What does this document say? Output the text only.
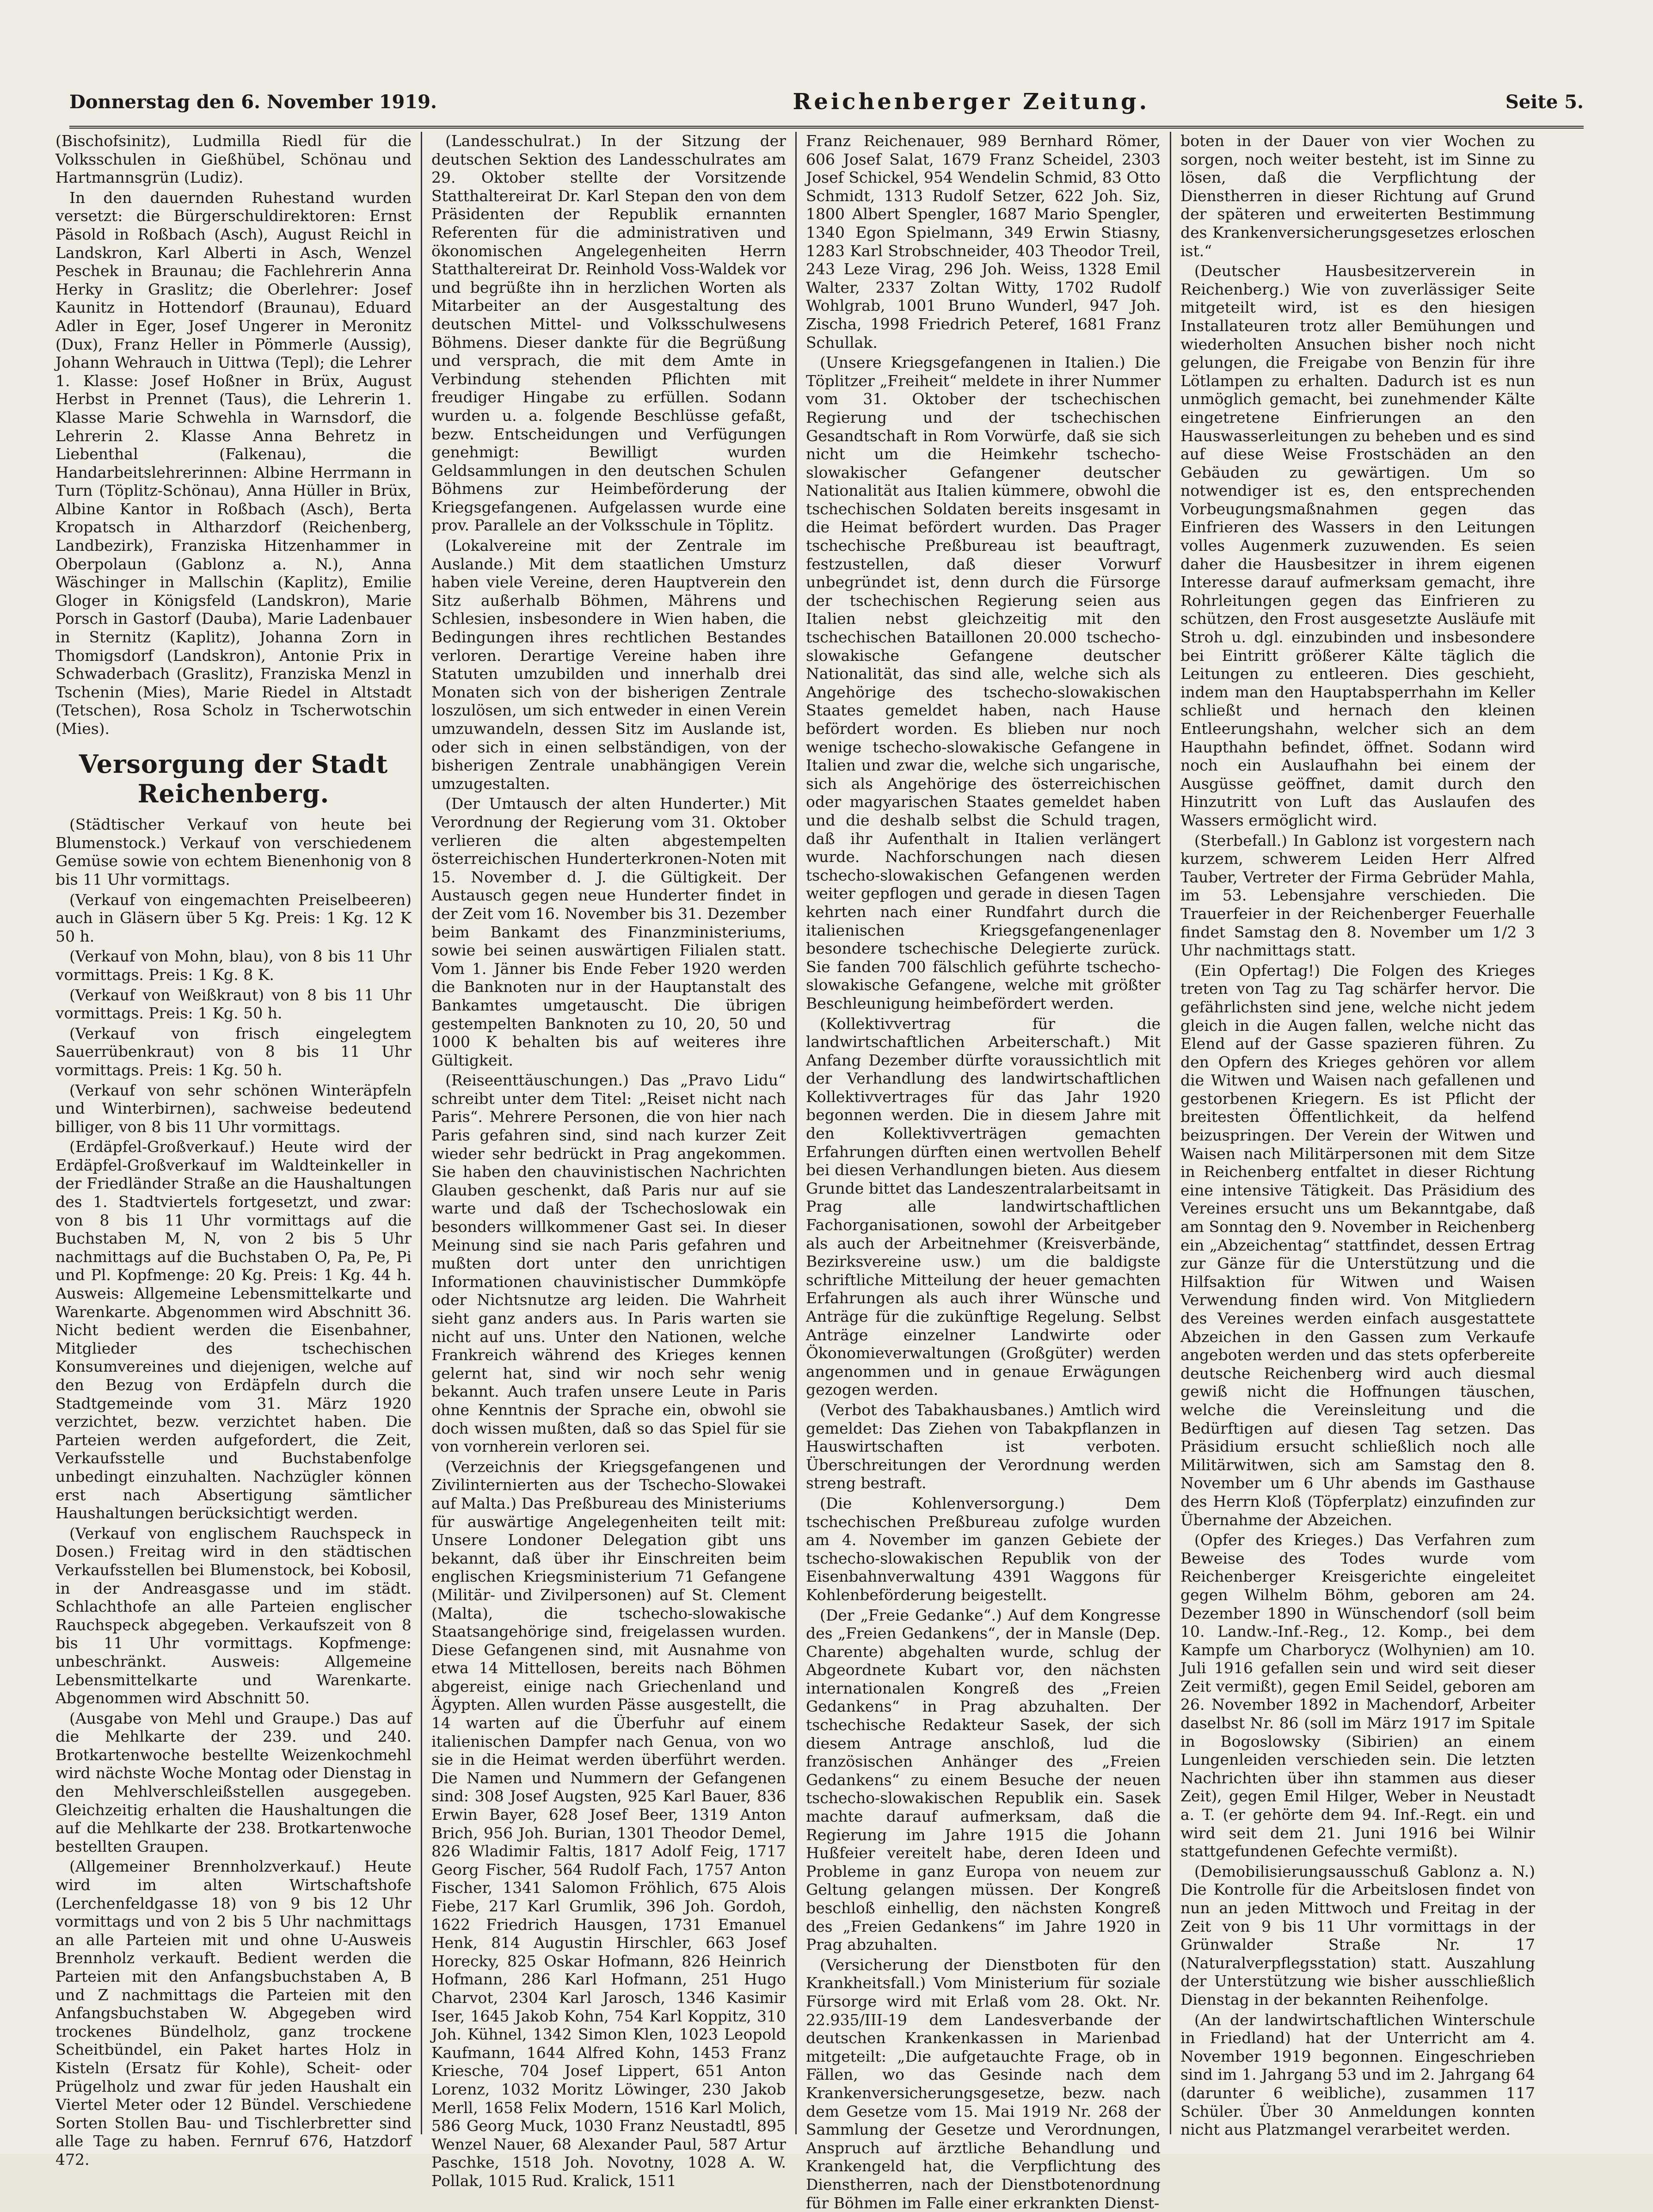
Donnerstag den 6. November 1919.	Reichenberger Zeitung.	Seite 5.

(Bischofsinitz), Ludmilla Riedl für die Volksschulen in Gießhübel, Schönau und Hartmannsgrün (Ludiz).

In den dauernden Ruhestand wurden versetzt: die Bürgerschuldirektoren: Ernst Päsold in Roßbach (Asch), August Reichl in Landskron, Karl Alberti in Asch, Wenzel Peschek in Braunau; die Fachlehrerin Anna Herky in Graslitz; die Oberlehrer: Josef Kaunitz in Hottendorf (Braunau), Eduard Adler in Eger, Josef Ungerer in Meronitz (Dux), Franz Heller in Pömmerle (Aussig), Johann Wehrauch in Uittwa (Tepl); die Lehrer 1. Klasse: Josef Hoßner in Brüx, August Herbst in Prennet (Taus), die Lehrerin 1. Klasse Marie Schwehla in Warnsdorf, die Lehrerin 2. Klasse Anna Behretz in Liebenthal (Falkenau), die Handarbeitslehrerinnen: Albine Herrmann in Turn (Töplitz-Schönau), Anna Hüller in Brüx, Albine Kantor in Roßbach (Asch), Berta Kropatsch in Altharzdorf (Reichenberg, Landbezirk), Franziska Hitzenhammer in Oberpolaun (Gablonz a. N.), Anna Wäschinger in Mallschin (Kaplitz), Emilie Gloger in Königsfeld (Landskron), Marie Porsch in Gastorf (Dauba), Marie Ladenbauer in Sternitz (Kaplitz), Johanna Zorn in Thomigsdorf (Landskron), Antonie Prix in Schwaderbach (Graslitz), Franziska Menzl in Tschenin (Mies), Marie Riedel in Altstadt (Tetschen), Rosa Scholz in Tscherwotschin (Mies).

Versorgung der Stadt Reichenberg.

(Städtischer Verkauf von heute bei Blumenstock.) Verkauf von verschiedenem Gemüse sowie von echtem Bienenhonig von 8 bis 11 Uhr vormittags.

(Verkauf von eingemachten Preiselbeeren) auch in Gläsern über 5 Kg. Preis: 1 Kg. 12 K 50 h.

(Verkauf von Mohn, blau), von 8 bis 11 Uhr vormittags. Preis: 1 Kg. 8 K.

(Verkauf von Weißkraut) von 8 bis 11 Uhr vormittags. Preis: 1 Kg. 50 h.

(Verkauf von frisch eingelegtem Sauerrübenkraut) von 8 bis 11 Uhr vormittags. Preis: 1 Kg. 50 h.

(Verkauf von sehr schönen Winteräpfeln und Winterbirnen), sachweise bedeutend billiger, von 8 bis 11 Uhr vormittags.

(Erdäpfel-Großverkauf.) Heute wird der Erdäpfel-Großverkauf im Waldteinkeller in der Friedländer Straße an die Haushaltungen des 1. Stadtviertels fortgesetzt, und zwar: von 8 bis 11 Uhr vormittags auf die Buchstaben M, N, von 2 bis 5 Uhr nachmittags auf die Buchstaben O, Pa, Pe, Pi und Pl. Kopfmenge: 20 Kg. Preis: 1 Kg. 44 h. Ausweis: Allgemeine Lebensmittelkarte und Warenkarte. Abgenommen wird Abschnitt 36. Nicht bedient werden die Eisenbahner, Mitglieder des tschechischen Konsumvereines und diejenigen, welche auf den Bezug von Erdäpfeln durch die Stadtgemeinde vom 31. März 1920 verzichtet, bezw. verzichtet haben. Die Parteien werden aufgefordert, die Zeit, Verkaufsstelle und Buchstabenfolge unbedingt einzuhalten. Nachzügler können erst nach Absertigung sämtlicher Haushaltungen berücksichtigt werden.

(Verkauf von englischem Rauchspeck in Dosen.) Freitag wird in den städtischen Verkaufsstellen bei Blumenstock, bei Kobosil, in der Andreasgasse und im städt. Schlachthofe an alle Parteien englischer Rauchspeck abgegeben. Verkaufszeit von 8 bis 11 Uhr vormittags. Kopfmenge: unbeschränkt. Ausweis: Allgemeine Lebensmittelkarte und Warenkarte. Abgenommen wird Abschnitt 50.

(Ausgabe von Mehl und Graupe.) Das auf die Mehlkarte der 239. und 240. Brotkartenwoche bestellte Weizenkochmehl wird nächste Woche Montag oder Dienstag in den Mehlverschleißstellen ausgegeben. Gleichzeitig erhalten die Haushaltungen die auf die Mehlkarte der 238. Brotkartenwoche bestellten Graupen.

(Allgemeiner Brennholzverkauf.) Heute wird im alten Wirtschaftshofe (Lerchenfeldgasse 18) von 9 bis 12 Uhr vormittags und von 2 bis 5 Uhr nachmittags an alle Parteien mit und ohne U-Ausweis Brennholz verkauft. Bedient werden die Parteien mit den Anfangsbuchstaben A, B und Z nachmittags die Parteien mit den Anfangsbuchstaben W. Abgegeben wird trockenes Bündelholz, ganz trockene Scheitbündel, ein Paket hartes Holz in Kisteln (Ersatz für Kohle), Scheit- oder Prügelholz und zwar für jeden Haushalt ein Viertel Meter oder 12 Bündel. Verschiedene Sorten Stollen Bau- und Tischlerbretter sind alle Tage zu haben. Fernruf 676, Hatzdorf 472.

(Landesschulrat.) In der Sitzung der deutschen Sektion des Landesschulrates am 29. Oktober stellte der Vorsitzende Statthaltereirat Dr. Karl Stepan den von dem Präsidenten der Republik ernannten Referenten für die administrativen und ökonomischen Angelegenheiten Herrn Statthaltereirat Dr. Reinhold Voss-Waldek vor und begrüßte ihn in herzlichen Worten als Mitarbeiter an der Ausgestaltung des deutschen Mittel- und Volksschulwesens Böhmens. Dieser dankte für die Begrüßung und versprach, die mit dem Amte in Verbindung stehenden Pflichten mit freudiger Hingabe zu erfüllen. Sodann wurden u. a. folgende Beschlüsse gefaßt, bezw. Entscheidungen und Verfügungen genehmigt: Bewilligt wurden Geldsammlungen in den deutschen Schulen Böhmens zur Heimbeförderung der Kriegsgefangenen. Aufgelassen wurde eine prov. Parallele an der Volksschule in Töplitz.

(Lokalvereine mit der Zentrale im Auslande.) Mit dem staatlichen Umsturz haben viele Vereine, deren Hauptverein den Sitz außerhalb Böhmen, Mährens und Schlesien, insbesondere in Wien haben, die Bedingungen ihres rechtlichen Bestandes verloren. Derartige Vereine haben ihre Statuten umzubilden und innerhalb drei Monaten sich von der bisherigen Zentrale loszulösen, um sich entweder in einen Verein umzuwandeln, dessen Sitz im Auslande ist, oder sich in einen selbständigen, von der bisherigen Zentrale unabhängigen Verein umzugestalten.

(Der Umtausch der alten Hunderter.) Mit Verordnung der Regierung vom 31. Oktober verlieren die alten abgestempelten österreichischen Hunderterkronen-Noten mit 15. November d. J. die Gültigkeit. Der Austausch gegen neue Hunderter findet in der Zeit vom 16. November bis 31. Dezember beim Bankamt des Finanzministeriums, sowie bei seinen auswärtigen Filialen statt. Vom 1. Jänner bis Ende Feber 1920 werden die Banknoten nur in der Hauptanstalt des Bankamtes umgetauscht. Die übrigen gestempelten Banknoten zu 10, 20, 50 und 1000 K behalten bis auf weiteres ihre Gültigkeit.

(Reiseenttäuschungen.) Das „Pravo Lidu“ schreibt unter dem Titel: „Reiset nicht nach Paris“. Mehrere Personen, die von hier nach Paris gefahren sind, sind nach kurzer Zeit wieder sehr bedrückt in Prag angekommen. Sie haben den chauvinistischen Nachrichten Glauben geschenkt, daß Paris nur auf sie warte und daß der Tschechoslowak ein besonders willkommener Gast sei. In dieser Meinung sind sie nach Paris gefahren und mußten dort unter den unrichtigen Informationen chauvinistischer Dummköpfe oder Nichtsnutze arg leiden. Die Wahrheit sieht ganz anders aus. In Paris warten sie nicht auf uns. Unter den Nationen, welche Frankreich während des Krieges kennen gelernt hat, sind wir noch sehr wenig bekannt. Auch trafen unsere Leute in Paris ohne Kenntnis der Sprache ein, obwohl sie doch wissen mußten, daß so das Spiel für sie von vornherein verloren sei.

(Verzeichnis der Kriegsgefangenen und Zivilinternierten aus der Tschecho-Slowakei auf Malta.) Das Preßbureau des Ministeriums für auswärtige Angelegenheiten teilt mit: Unsere Londoner Delegation gibt uns bekannt, daß über ihr Einschreiten beim englischen Kriegsministerium 71 Gefangene (Militär- und Zivilpersonen) auf St. Clement (Malta), die tschecho-slowakische Staatsangehörige sind, freigelassen wurden. Diese Gefangenen sind, mit Ausnahme von etwa 14 Mittellosen, bereits nach Böhmen abgereist, einige nach Griechenland und Ägypten. Allen wurden Pässe ausgestellt, die 14 warten auf die Überfuhr auf einem italienischen Dampfer nach Genua, von wo sie in die Heimat werden überführt werden. Die Namen und Nummern der Gefangenen sind: 308 Josef Augsten, 925 Karl Bauer, 836 Erwin Bayer, 628 Josef Beer, 1319 Anton Brich, 956 Joh. Burian, 1301 Theodor Demel, 826 Wladimir Faltis, 1817 Adolf Feig, 1717 Georg Fischer, 564 Rudolf Fach, 1757 Anton Fischer, 1341 Salomon Fröhlich, 675 Alois Fiebe, 217 Karl Grumlik, 396 Joh. Gordoh, 1622 Friedrich Hausgen, 1731 Emanuel Henk, 814 Augustin Hirschler, 663 Josef Horecky, 825 Oskar Hofmann, 826 Heinrich Hofmann, 286 Karl Hofmann, 251 Hugo Charvot, 2304 Karl Jarosch, 1346 Kasimir Iser, 1645 Jakob Kohn, 754 Karl Koppitz, 310 Joh. Kühnel, 1342 Simon Klen, 1023 Leopold Kaufmann, 1644 Alfred Kohn, 1453 Franz Kriesche, 704 Josef Lippert, 651 Anton Lorenz, 1032 Moritz Löwinger, 230 Jakob Merll, 1658 Felix Modern, 1516 Karl Molich, 586 Georg Muck, 1030 Franz Neustadtl, 895 Wenzel Nauer, 68 Alexander Paul, 587 Artur Paschke, 1518 Joh. Novotny, 1028 A. W. Pollak, 1015 Rud. Kralick, 1511

Franz Reichenauer, 989 Bernhard Römer, 606 Josef Salat, 1679 Franz Scheidel, 2303 Josef Schickel, 954 Wendelin Schmid, 83 Otto Schmidt, 1313 Rudolf Setzer, 622 Joh. Siz, 1800 Albert Spengler, 1687 Mario Spengler, 1340 Egon Spielmann, 349 Erwin Stiasny, 1283 Karl Strobschneider, 403 Theodor Treil, 243 Leze Virag, 296 Joh. Weiss, 1328 Emil Walter, 2337 Zoltan Witty, 1702 Rudolf Wohlgrab, 1001 Bruno Wunderl, 947 Joh. Zischa, 1998 Friedrich Peteref, 1681 Franz Schullak.

(Unsere Kriegsgefangenen in Italien.) Die Töplitzer „Freiheit“ meldete in ihrer Nummer vom 31. Oktober der tschechischen Regierung und der tschechischen Gesandtschaft in Rom Vorwürfe, daß sie sich nicht um die Heimkehr tschecho-slowakischer Gefangener deutscher Nationalität aus Italien kümmere, obwohl die tschechischen Soldaten bereits insgesamt in die Heimat befördert wurden. Das Prager tschechische Preßbureau ist beauftragt, festzustellen, daß dieser Vorwurf unbegründet ist, denn durch die Fürsorge der tschechischen Regierung seien aus Italien nebst gleichzeitig mit den tschechischen Bataillonen 20.000 tschecho-slowakische Gefangene deutscher Nationalität, das sind alle, welche sich als Angehörige des tschecho-slowakischen Staates gemeldet haben, nach Hause befördert worden. Es blieben nur noch wenige tschecho-slowakische Gefangene in Italien und zwar die, welche sich ungarische, sich als Angehörige des österreichischen oder magyarischen Staates gemeldet haben und die deshalb selbst die Schuld tragen, daß ihr Aufenthalt in Italien verlängert wurde. Nachforschungen nach diesen tschecho-slowakischen Gefangenen werden weiter gepflogen und gerade in diesen Tagen kehrten nach einer Rundfahrt durch die italienischen Kriegsgefangenenlager besondere tschechische Delegierte zurück. Sie fanden 700 fälschlich geführte tschecho-slowakische Gefangene, welche mit größter Beschleunigung heimbefördert werden.

(Kollektivvertrag für die landwirtschaftlichen Arbeiterschaft.) Mit Anfang Dezember dürfte voraussichtlich mit der Verhandlung des landwirtschaftlichen Kollektivvertrages für das Jahr 1920 begonnen werden. Die in diesem Jahre mit den Kollektivverträgen gemachten Erfahrungen dürften einen wertvollen Behelf bei diesen Verhandlungen bieten. Aus diesem Grunde bittet das Landeszentralarbeitsamt in Prag alle landwirtschaftlichen Fachorganisationen, sowohl der Arbeitgeber als auch der Arbeitnehmer (Kreisverbände, Bezirksvereine usw.) um die baldigste schriftliche Mitteilung der heuer gemachten Erfahrungen als auch ihrer Wünsche und Anträge für die zukünftige Regelung. Selbst Anträge einzelner Landwirte oder Ökonomieverwaltungen (Großgüter) werden angenommen und in genaue Erwägungen gezogen werden.

(Verbot des Tabakhausbanes.) Amtlich wird gemeldet: Das Ziehen von Tabakpflanzen in Hauswirtschaften ist verboten. Überschreitungen der Verordnung werden streng bestraft.

(Die Kohlenversorgung.) Dem tschechischen Preßbureau zufolge wurden am 4. November im ganzen Gebiete der tschecho-slowakischen Republik von der Eisenbahnverwaltung 4391 Waggons für Kohlenbeförderung beigestellt.

(Der „Freie Gedanke“.) Auf dem Kongresse des „Freien Gedankens“, der in Mansle (Dep. Charente) abgehalten wurde, schlug der Abgeordnete Kubart vor, den nächsten internationalen Kongreß des „Freien Gedankens“ in Prag abzuhalten. Der tschechische Redakteur Sasek, der sich diesem Antrage anschloß, lud die französischen Anhänger des „Freien Gedankens“ zu einem Besuche der neuen tschecho-slowakischen Republik ein. Sasek machte darauf aufmerksam, daß die Regierung im Jahre 1915 die Johann Hußfeier vereitelt habe, deren Ideen und Probleme in ganz Europa von neuem zur Geltung gelangen müssen. Der Kongreß beschloß einhellig, den nächsten Kongreß des „Freien Gedankens“ im Jahre 1920 in Prag abzuhalten.

(Versicherung der Dienstboten für den Krankheitsfall.) Vom Ministerium für soziale Fürsorge wird mit Erlaß vom 28. Okt. Nr. 22.935/III-19 dem Landesverbande der deutschen Krankenkassen in Marienbad mitgeteilt: „Die aufgetauchte Frage, ob in Fällen, wo das Gesinde nach dem Krankenversicherungsgesetze, bezw. nach dem Gesetze vom 15. Mai 1919 Nr. 268 der Sammlung der Gesetze und Verordnungen, Anspruch auf ärztliche Behandlung und Krankengeld hat, die Verpflichtung des Dienstherren, nach der Dienstbotenordnung für Böhmen im Falle einer erkrankten Dienst-

boten in der Dauer von vier Wochen zu sorgen, noch weiter besteht, ist im Sinne zu lösen, daß die Verpflichtung der Dienstherren in dieser Richtung auf Grund der späteren und erweiterten Bestimmung des Krankenversicherungsgesetzes erloschen ist.“

(Deutscher Hausbesitzerverein in Reichenberg.) Wie von zuverlässiger Seite mitgeteilt wird, ist es den hiesigen Installateuren trotz aller Bemühungen und wiederholten Ansuchen bisher noch nicht gelungen, die Freigabe von Benzin für ihre Lötlampen zu erhalten. Dadurch ist es nun unmöglich gemacht, bei zunehmender Kälte eingetretene Einfrierungen an den Hauswasserleitungen zu beheben und es sind auf diese Weise Frostschäden an den Gebäuden zu gewärtigen. Um so notwendiger ist es, den entsprechenden Vorbeugungsmaßnahmen gegen das Einfrieren des Wassers in den Leitungen volles Augenmerk zuzuwenden. Es seien daher die Hausbesitzer in ihrem eigenen Interesse darauf aufmerksam gemacht, ihre Rohrleitungen gegen das Einfrieren zu schützen, den Frost ausgesetzte Ausläufe mit Stroh u. dgl. einzubinden und insbesondere bei Eintritt größerer Kälte täglich die Leitungen zu entleeren. Dies geschieht, indem man den Hauptabsperrhahn im Keller schließt und hernach den kleinen Entleerungshahn, welcher sich an dem Haupthahn befindet, öffnet. Sodann wird noch ein Auslaufhahn bei einem der Ausgüsse geöffnet, damit durch den Hinzutritt von Luft das Auslaufen des Wassers ermöglicht wird.

(Sterbefall.) In Gablonz ist vorgestern nach kurzem, schwerem Leiden Herr Alfred Tauber, Vertreter der Firma Gebrüder Mahla, im 53. Lebensjahre verschieden. Die Trauerfeier in der Reichenberger Feuerhalle findet Samstag den 8. November um 1/2 3 Uhr nachmittags statt.

(Ein Opfertag!) Die Folgen des Krieges treten von Tag zu Tag schärfer hervor. Die gefährlichsten sind jene, welche nicht jedem gleich in die Augen fallen, welche nicht das Elend auf der Gasse spazieren führen. Zu den Opfern des Krieges gehören vor allem die Witwen und Waisen nach gefallenen und gestorbenen Kriegern. Es ist Pflicht der breitesten Öffentlichkeit, da helfend beizuspringen. Der Verein der Witwen und Waisen nach Militärpersonen mit dem Sitze in Reichenberg entfaltet in dieser Richtung eine intensive Tätigkeit. Das Präsidium des Vereines ersucht uns um Bekanntgabe, daß am Sonntag den 9. November in Reichenberg ein „Abzeichentag“ stattfindet, dessen Ertrag zur Gänze für die Unterstützung und die Hilfsaktion für Witwen und Waisen Verwendung finden wird. Von Mitgliedern des Vereines werden einfach ausgestattete Abzeichen in den Gassen zum Verkaufe angeboten werden und das stets opferbereite deutsche Reichenberg wird auch diesmal gewiß nicht die Hoffnungen täuschen, welche die Vereinsleitung und die Bedürftigen auf diesen Tag setzen. Das Präsidium ersucht schließlich noch alle Militärwitwen, sich am Samstag den 8. November um 6 Uhr abends im Gasthause des Herrn Kloß (Töpferplatz) einzufinden zur Übernahme der Abzeichen.

(Opfer des Krieges.) Das Verfahren zum Beweise des Todes wurde vom Reichenberger Kreisgerichte eingeleitet gegen Wilhelm Böhm, geboren am 24. Dezember 1890 in Wünschendorf (soll beim 10. Landw.-Inf.-Reg., 12. Komp., bei dem Kampfe um Charborycz (Wolhynien) am 10. Juli 1916 gefallen sein und wird seit dieser Zeit vermißt), gegen Emil Seidel, geboren am 26. November 1892 in Machendorf, Arbeiter daselbst Nr. 86 (soll im März 1917 im Spitale in Bogoslowsky (Sibirien) an einem Lungenleiden verschieden sein. Die letzten Nachrichten über ihn stammen aus dieser Zeit), gegen Emil Hilger, Weber in Neustadt a. T. (er gehörte dem 94. Inf.-Regt. ein und wird seit dem 21. Juni 1916 bei Wilnir stattgefundenen Gefechte vermißt).

(Demobilisierungsausschuß Gablonz a. N.) Die Kontrolle für die Arbeitslosen findet von nun an jeden Mittwoch und Freitag in der Zeit von 9 bis 11 Uhr vormittags in der Grünwalder Straße Nr. 17 (Naturalverpflegsstation) statt. Auszahlung der Unterstützung wie bisher ausschließlich Dienstag in der bekannten Reihenfolge.

(An der landwirtschaftlichen Winterschule in Friedland) hat der Unterricht am 4. November 1919 begonnen. Eingeschrieben sind im 1. Jahrgang 53 und im 2. Jahrgang 64 (darunter 6 weibliche), zusammen 117 Schüler. Über 30 Anmeldungen konnten nicht aus Platzmangel verarbeitet werden.
